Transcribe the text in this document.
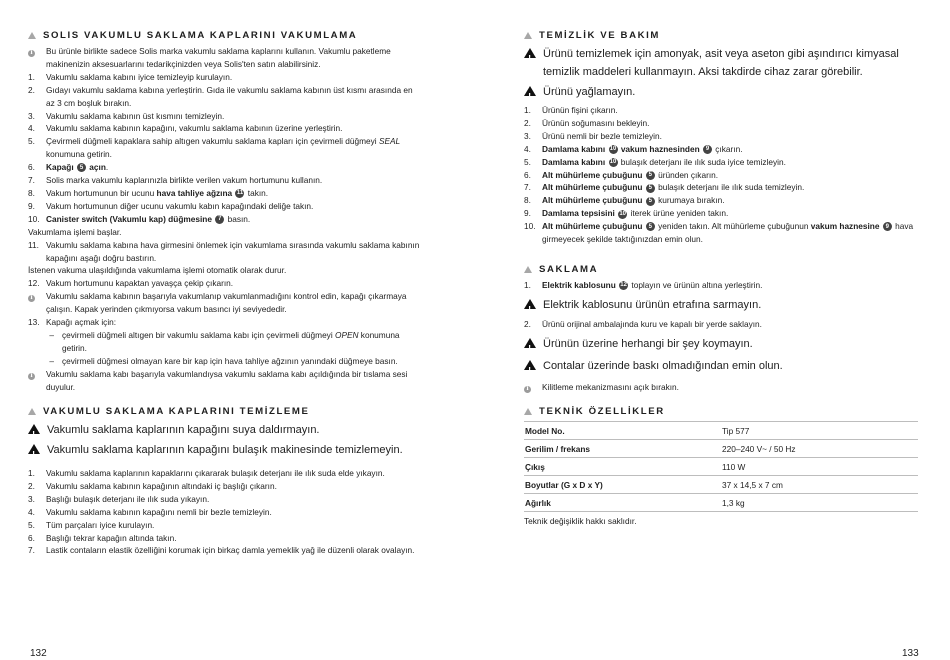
SOLIS VAKUMLU SAKLAMA KAPLARINI VAKUMLAMA
i	Bu ürünle birlikte sadece Solis marka vakumlu saklama kaplarını kullanın. Vakumlu paketleme makinenizin aksesuarlarını tedarikçinizden veya Solis'ten satın alabilirsiniz.
1.	Vakumlu saklama kabını iyice temizleyip kurulayın.
2.	Gıdayı vakumlu saklama kabına yerleştirin. Gıda ile vakumlu saklama kabının üst kısmı arasında en az 3 cm boşluk bırakın.
3.	Vakumlu saklama kabının üst kısmını temizleyin.
4.	Vakumlu saklama kabının kapağını, vakumlu saklama kabının üzerine yerleştirin.
5.	Çevirmeli düğmeli kapaklara sahip altıgen vakumlu saklama kapları için çevirmeli düğmeyi SEAL konumuna getirin.
6.	Kapağı 5 açın.
7.	Solis marka vakumlu kaplarınızla birlikte verilen vakum hortumunu kullanın.
8.	Vakum hortumunun bir ucunu hava tahliye ağzına 11 takın.
9.	Vakum hortumunun diğer ucunu vakumlu kabın kapağındaki deliğe takın.
10. Canister switch (Vakumlu kap) düğmesine 7 basın.
Vakumlama işlemi başlar.
11. Vakumlu saklama kabına hava girmesini önlemek için vakumlama sırasında vakumlu saklama kabının kapağını aşağı doğru bastırın.
İstenen vakuma ulaşıldığında vakumlama işlemi otomatik olarak durur.
12. Vakum hortumunu kapaktan yavaşça çekip çıkarın.
i	Vakumlu saklama kabının başarıyla vakumlanıp vakumlanmadığını kontrol edin, kapağı çıkarmaya çalışın. Kapak yerinden çıkmıyorsa vakum basıncı iyi seviyededir.
13. Kapağı açmak için:
– çevirmeli düğmeli altıgen bir vakumlu saklama kabı için çevirmeli düğmeyi OPEN konumuna getirin.
– çevirmeli düğmesi olmayan kare bir kap için hava tahliye ağzının yanındaki düğmeye basın.
i	Vakumlu saklama kabı başarıyla vakumlandıysa vakumlu saklama kabı açıldığında bir tıslama sesi duyulur.
VAKUMLU SAKLAMA KAPLARINI TEMİZLEME
!
Vakumlu saklama kaplarının kapağını suya daldırmayın.
!
Vakumlu saklama kaplarının kapağını bulaşık makinesinde temizlemeyin.
1.	Vakumlu saklama kaplarının kapaklarını çıkararak bulaşık deterjanı ile ılık suda elde yıkayın.
2.	Vakumlu saklama kabının kapağının altındaki iç başlığı çıkarın.
3.	Başlığı bulaşık deterjanı ile ılık suda yıkayın.
4.	Vakumlu saklama kabının kapağını nemli bir bezle temizleyin.
5.	Tüm parçaları iyice kurulayın.
6.	Başlığı tekrar kapağın altında takın.
7.	Lastik contaların elastik özelliğini korumak için birkaç damla yemeklik yağ ile düzenli olarak ovalayın.
132
TEMİZLİK VE BAKIM
!
Ürünü temizlemek için amonyak, asit veya aseton gibi aşındırıcı kimyasal temizlik maddeleri kullanmayın. Aksi takdirde cihaz zarar görebilir.
!
Ürünü yağlamayın.
1.	Ürünün fişini çıkarın.
2.	Ürünün soğumasını bekleyin.
3.	Ürünü nemli bir bezle temizleyin.
4.	Damlama kabını 10 vakum haznesinden 9 çıkarın.
5.	Damlama kabını 10 bulaşık deterjanı ile ılık suda iyice temizleyin.
6.	Alt mühürleme çubuğunu 5 üründen çıkarın.
7.	Alt mühürleme çubuğunu 5 bulaşık deterjanı ile ılık suda temizleyin.
8.	Alt mühürleme çubuğunu 5 kurumaya bırakın.
9.	Damlama tepsisini 10 iterek ürüne yeniden takın.
10. Alt mühürleme çubuğunu 5 yeniden takın. Alt mühürleme çubuğunun vakum haznesine 9 hava girmeyecek şekilde taktığınızdan emin olun.
SAKLAMA
1.	Elektrik kablosunu 12 toplayın ve ürünün altına yerleştirin.
!
Elektrik kablosunu ürünün etrafına sarmayın.
2.	Ürünü orijinal ambalajında kuru ve kapalı bir yerde saklayın.
!
Ürünün üzerine herhangi bir şey koymayın.
!
Contalar üzerinde baskı olmadığından emin olun.
i	Kilitleme mekanizmasını açık bırakın.
TEKNİK ÖZELLİKLER
Model No.	Tip 577
Gerilim / frekans	220–240 V~ / 50 Hz
Çıkış	110 W
Boyutlar (G x D x Y)	37 x 14,5 x 7 cm
Ağırlık	1,3 kg
Teknik değişiklik hakkı saklıdır.
133
